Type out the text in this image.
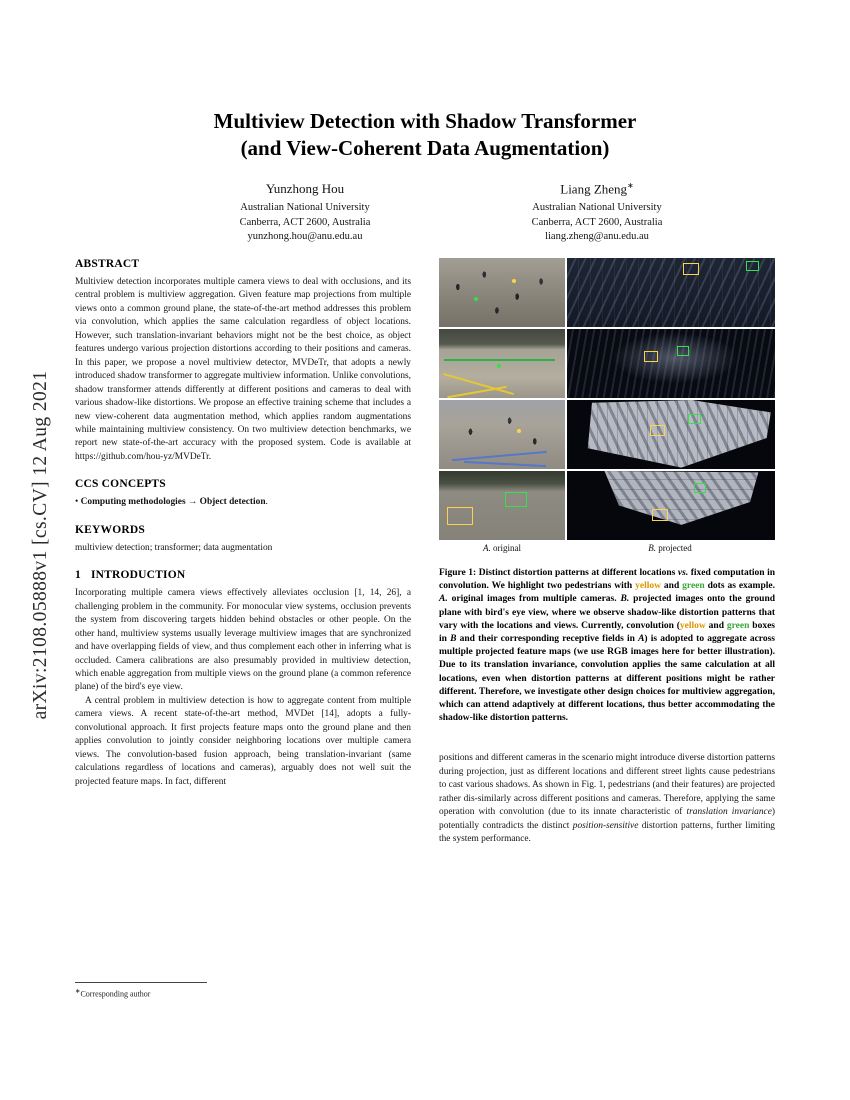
arXiv:2108.05888v1 [cs.CV] 12 Aug 2021
Multiview Detection with Shadow Transformer
(and View-Coherent Data Augmentation)
Yunzhong Hou
Australian National University
Canberra, ACT 2600, Australia
yunzhong.hou@anu.edu.au
Liang Zheng∗
Australian National University
Canberra, ACT 2600, Australia
liang.zheng@anu.edu.au
ABSTRACT

Multiview detection incorporates multiple camera views to deal with occlusions, and its central problem is multiview aggregation. Given feature map projections from multiple views onto a common ground plane, the state-of-the-art method addresses this problem via convolution, which applies the same calculation regardless of object locations. However, such translation-invariant behaviors might not be the best choice, as object features undergo various projection distortions according to their positions and cameras. In this paper, we propose a novel multiview detector, MVDeTr, that adopts a newly introduced shadow transformer to aggregate multiview information. Unlike convolutions, shadow transformer attends differently at different positions and cameras to deal with various shadow-like distortions. We propose an effective training scheme that includes a new view-coherent data augmentation method, which applies random augmentations while maintaining multiview consistency. On two multiview detection benchmarks, we report new state-of-the-art accuracy with the proposed system. Code is available at https://github.com/hou-yz/MVDeTr.

CCS CONCEPTS

• Computing methodologies → Object detection.

KEYWORDS

multiview detection; transformer; data augmentation

1 INTRODUCTION

Incorporating multiple camera views effectively alleviates occlusion [1, 14, 26], a challenging problem in the community. For monocular view systems, occlusion prevents the system from discovering targets hidden behind obstacles or other people. On the other hand, multiview systems usually leverage multiview images that are synchronized and have overlapping fields of view, and thus complement each other in inferring what is occluded. Camera calibrations are also presumably provided in multiview detection, which enable aggregation from multiple views on the ground plane (a common reference plane) of the bird's eye view.

A central problem in multiview detection is how to aggregate content from multiple camera views. A recent state-of-the-art method, MVDet [14], adopts a fully-convolutional approach. It first projects feature maps onto the ground plane and then applies convolution to jointly consider neighboring locations over multiple camera views. The convolution-based fusion approach, being translation-invariant (same calculations regardless of locations and cameras), arguably does not well suit the projected feature maps. In fact, different

A. original	B. projected
Figure 1: Distinct distortion patterns at different locations vs. fixed computation in convolution. We highlight two pedestrians with yellow and green dots as example. A. original images from multiple cameras. B. projected images onto the ground plane with bird's eye view, where we observe shadow-like distortion patterns that vary with the locations and views. Currently, convolution (yellow and green boxes in B and their corresponding receptive fields in A) is adopted to aggregate across multiple projected feature maps (we use RGB images here for better illustration). Due to its translation invariance, convolution applies the same calculation at all locations, even when distortion patterns at different positions might be rather different. Therefore, we investigate other design choices for multiview aggregation, which can attend adaptively at different locations, thus better accommodating the shadow-like distortion patterns.

positions and different cameras in the scenario might introduce diverse distortion patterns during projection, just as different locations and different street lights cause pedestrians to cast various shadows. As shown in Fig. 1, pedestrians (and their features) are projected rather dis-similarly across different positions and cameras. Therefore, applying the same operation with convolution (due to its innate characteristic of translation invariance) potentially contradicts the distinct position-sensitive distortion patterns, further limiting the system performance.

∗Corresponding author
